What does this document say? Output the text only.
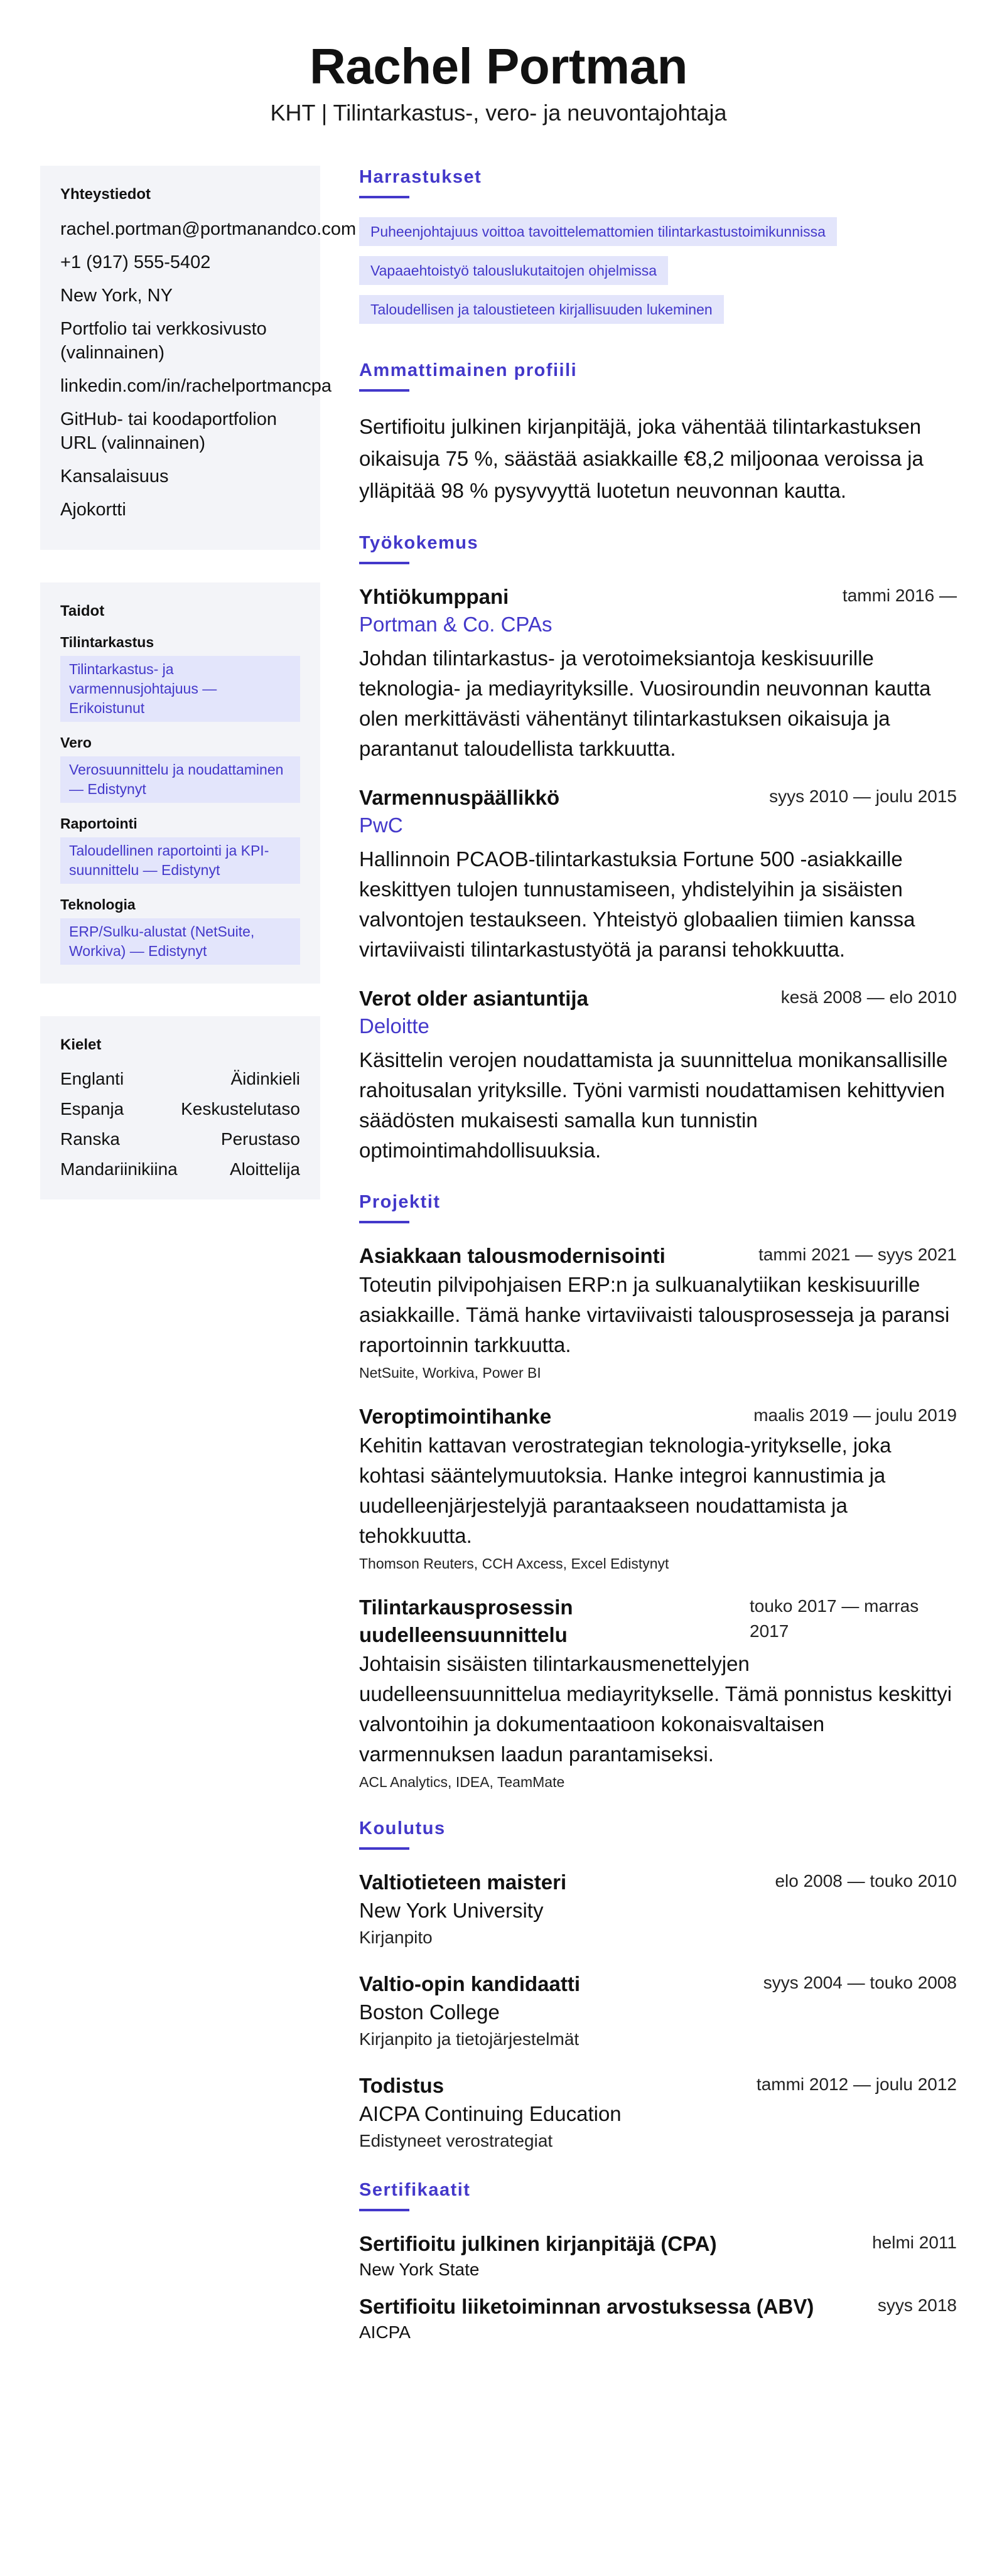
Rachel Portman
KHT | Tilintarkastus-, vero- ja neuvontajohtaja
Yhteystiedot
rachel.portman@portmanandco.com
+1 (917) 555-5402
New York, NY
Portfolio tai verkkosivusto (valinnainen)
linkedin.com/in/rachelportmancpa
GitHub- tai koodaportfolion URL (valinnainen)
Kansalaisuus
Ajokortti
Taidot
Tilintarkastus
Tilintarkastus- ja varmennusjohtajuus — Erikoistunut
Vero
Verosuunnittelu ja noudattaminen — Edistynyt
Raportointi
Taloudellinen raportointi ja KPI-suunnittelu — Edistynyt
Teknologia
ERP/Sulku-alustat (NetSuite, Workiva) — Edistynyt
Kielet
Englanti	Äidinkieli
Espanja	Keskustelutaso
Ranska	Perustaso
Mandariinikiina	Aloittelija
Harrastukset
Puheenjohtajuus voittoa tavoittelemattomien tilintarkastustoimikunnissa
Vapaaehtoistyö talouslukutaitojen ohjelmissa
Taloudellisen ja taloustieteen kirjallisuuden lukeminen
Ammattimainen profiili
Sertifioitu julkinen kirjanpitäjä, joka vähentää tilintarkastuksen oikaisuja 75 %, säästää asiakkaille €8,2 miljoonaa veroissa ja ylläpitää 98 % pysyvyyttä luotetun neuvonnan kautta.
Työkokemus
Yhtiökumppani	tammi 2016 —
Portman & Co. CPAs
Johdan tilintarkastus- ja verotoimeksiantoja keskisuurille teknologia- ja mediayrityksille. Vuosiroundin neuvonnan kautta olen merkittävästi vähentänyt tilintarkastuksen oikaisuja ja parantanut taloudellista tarkkuutta.
Varmennuspäällikkö	syys 2010 — joulu 2015
PwC
Hallinnoin PCAOB-tilintarkastuksia Fortune 500 -asiakkaille keskittyen tulojen tunnustamiseen, yhdistelyihin ja sisäisten valvontojen testaukseen. Yhteistyö globaalien tiimien kanssa virtaviivaisti tilintarkastustyötä ja paransi tehokkuutta.
Verot older asiantuntija	kesä 2008 — elo 2010
Deloitte
Käsittelin verojen noudattamista ja suunnittelua monikansallisille rahoitusalan yrityksille. Työni varmisti noudattamisen kehittyvien säädösten mukaisesti samalla kun tunnistin optimointimahdollisuuksia.
Projektit
Asiakkaan talousmodernisointi	tammi 2021 — syys 2021
Toteutin pilvipohjaisen ERP:n ja sulkuanalytiikan keskisuurille asiakkaille. Tämä hanke virtaviivaisti talousprosesseja ja paransi raportoinnin tarkkuutta.
NetSuite, Workiva, Power BI
Veroptimointihanke	maalis 2019 — joulu 2019
Kehitin kattavan verostrategian teknologia-yritykselle, joka kohtasi sääntelymuutoksia. Hanke integroi kannustimia ja uudelleenjärjestelyjä parantaakseen noudattamista ja tehokkuutta.
Thomson Reuters, CCH Axcess, Excel Edistynyt
Tilintarkausprosessin uudelleensuunnittelu
touko 2017 — marras 2017
Johtaisin sisäisten tilintarkausmenettelyjen uudelleensuunnittelua mediayritykselle. Tämä ponnistus keskittyi valvontoihin ja dokumentaatioon kokonaisvaltaisen varmennuksen laadun parantamiseksi.
ACL Analytics, IDEA, TeamMate
Koulutus
Valtiotieteen maisteri	elo 2008 — touko 2010
New York University
Kirjanpito
Valtio-opin kandidaatti	syys 2004 — touko 2008
Boston College
Kirjanpito ja tietojärjestelmät
Todistus	tammi 2012 — joulu 2012
AICPA Continuing Education
Edistyneet verostrategiat
Sertifikaatit
Sertifioitu julkinen kirjanpitäjä (CPA)	helmi 2011
New York State
Sertifioitu liiketoiminnan arvostuksessa (ABV)	syys 2018
AICPA
